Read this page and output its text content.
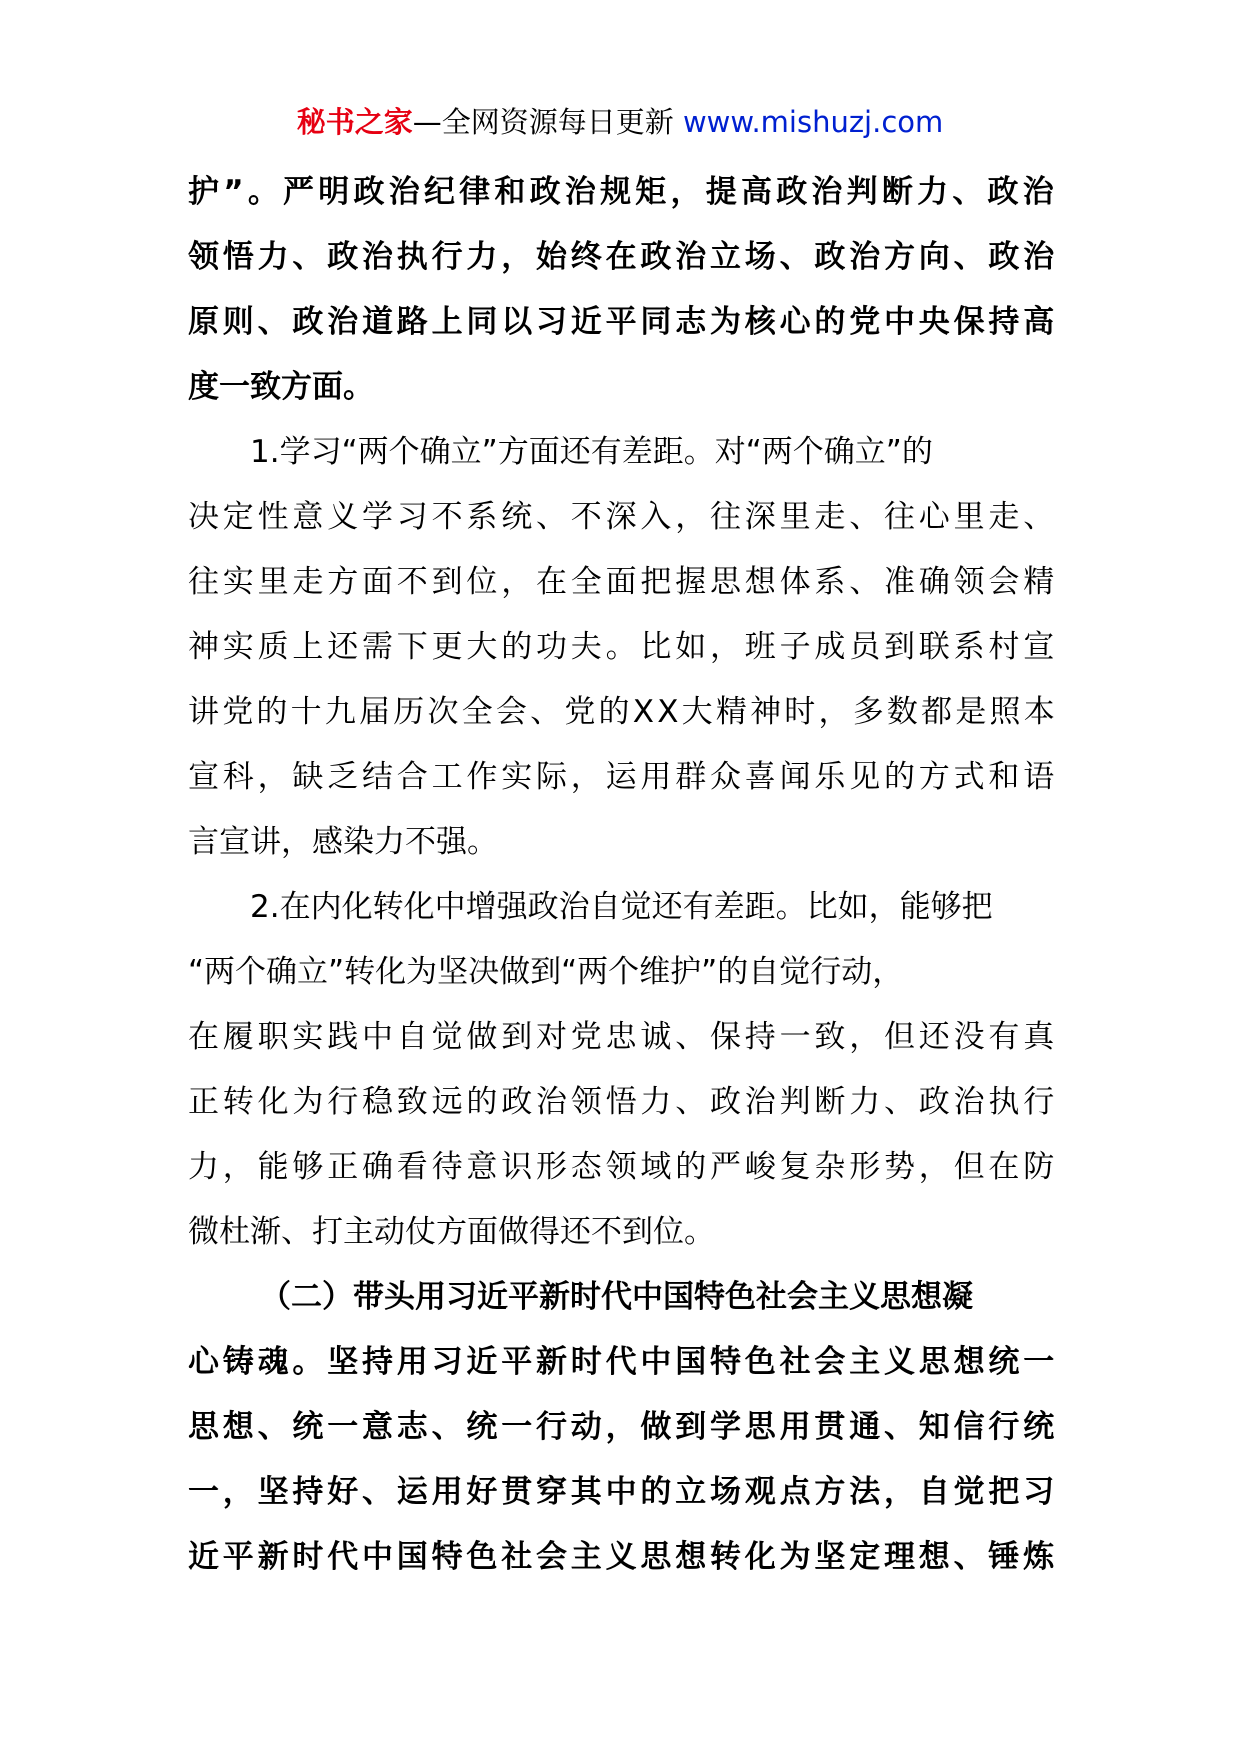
秘书之家—全网资源每日更新 www.mishuzj.com
护”。严明政治纪律和政治规矩，提高政治判断力、政治
领悟力、政治执行力，始终在政治立场、政治方向、政治
原则、政治道路上同以习近平同志为核心的党中央保持高
度一致方面。
1.学习“两个确立”方面还有差距。对“两个确立”的
决定性意义学习不系统、不深入，往深里走、往心里走、
往实里走方面不到位，在全面把握思想体系、准确领会精
神实质上还需下更大的功夫。比如，班子成员到联系村宣
讲党的十九届历次全会、党的XX大精神时，多数都是照本
宣科，缺乏结合工作实际，运用群众喜闻乐见的方式和语
言宣讲，感染力不强。
2.在内化转化中增强政治自觉还有差距。比如，能够把
“两个确立”转化为坚决做到“两个维护”的自觉行动，
在履职实践中自觉做到对党忠诚、保持一致，但还没有真
正转化为行稳致远的政治领悟力、政治判断力、政治执行
力，能够正确看待意识形态领域的严峻复杂形势，但在防
微杜渐、打主动仗方面做得还不到位。
（二）带头用习近平新时代中国特色社会主义思想凝
心铸魂。坚持用习近平新时代中国特色社会主义思想统一
思想、统一意志、统一行动，做到学思用贯通、知信行统
一，坚持好、运用好贯穿其中的立场观点方法，自觉把习
近平新时代中国特色社会主义思想转化为坚定理想、锤炼
